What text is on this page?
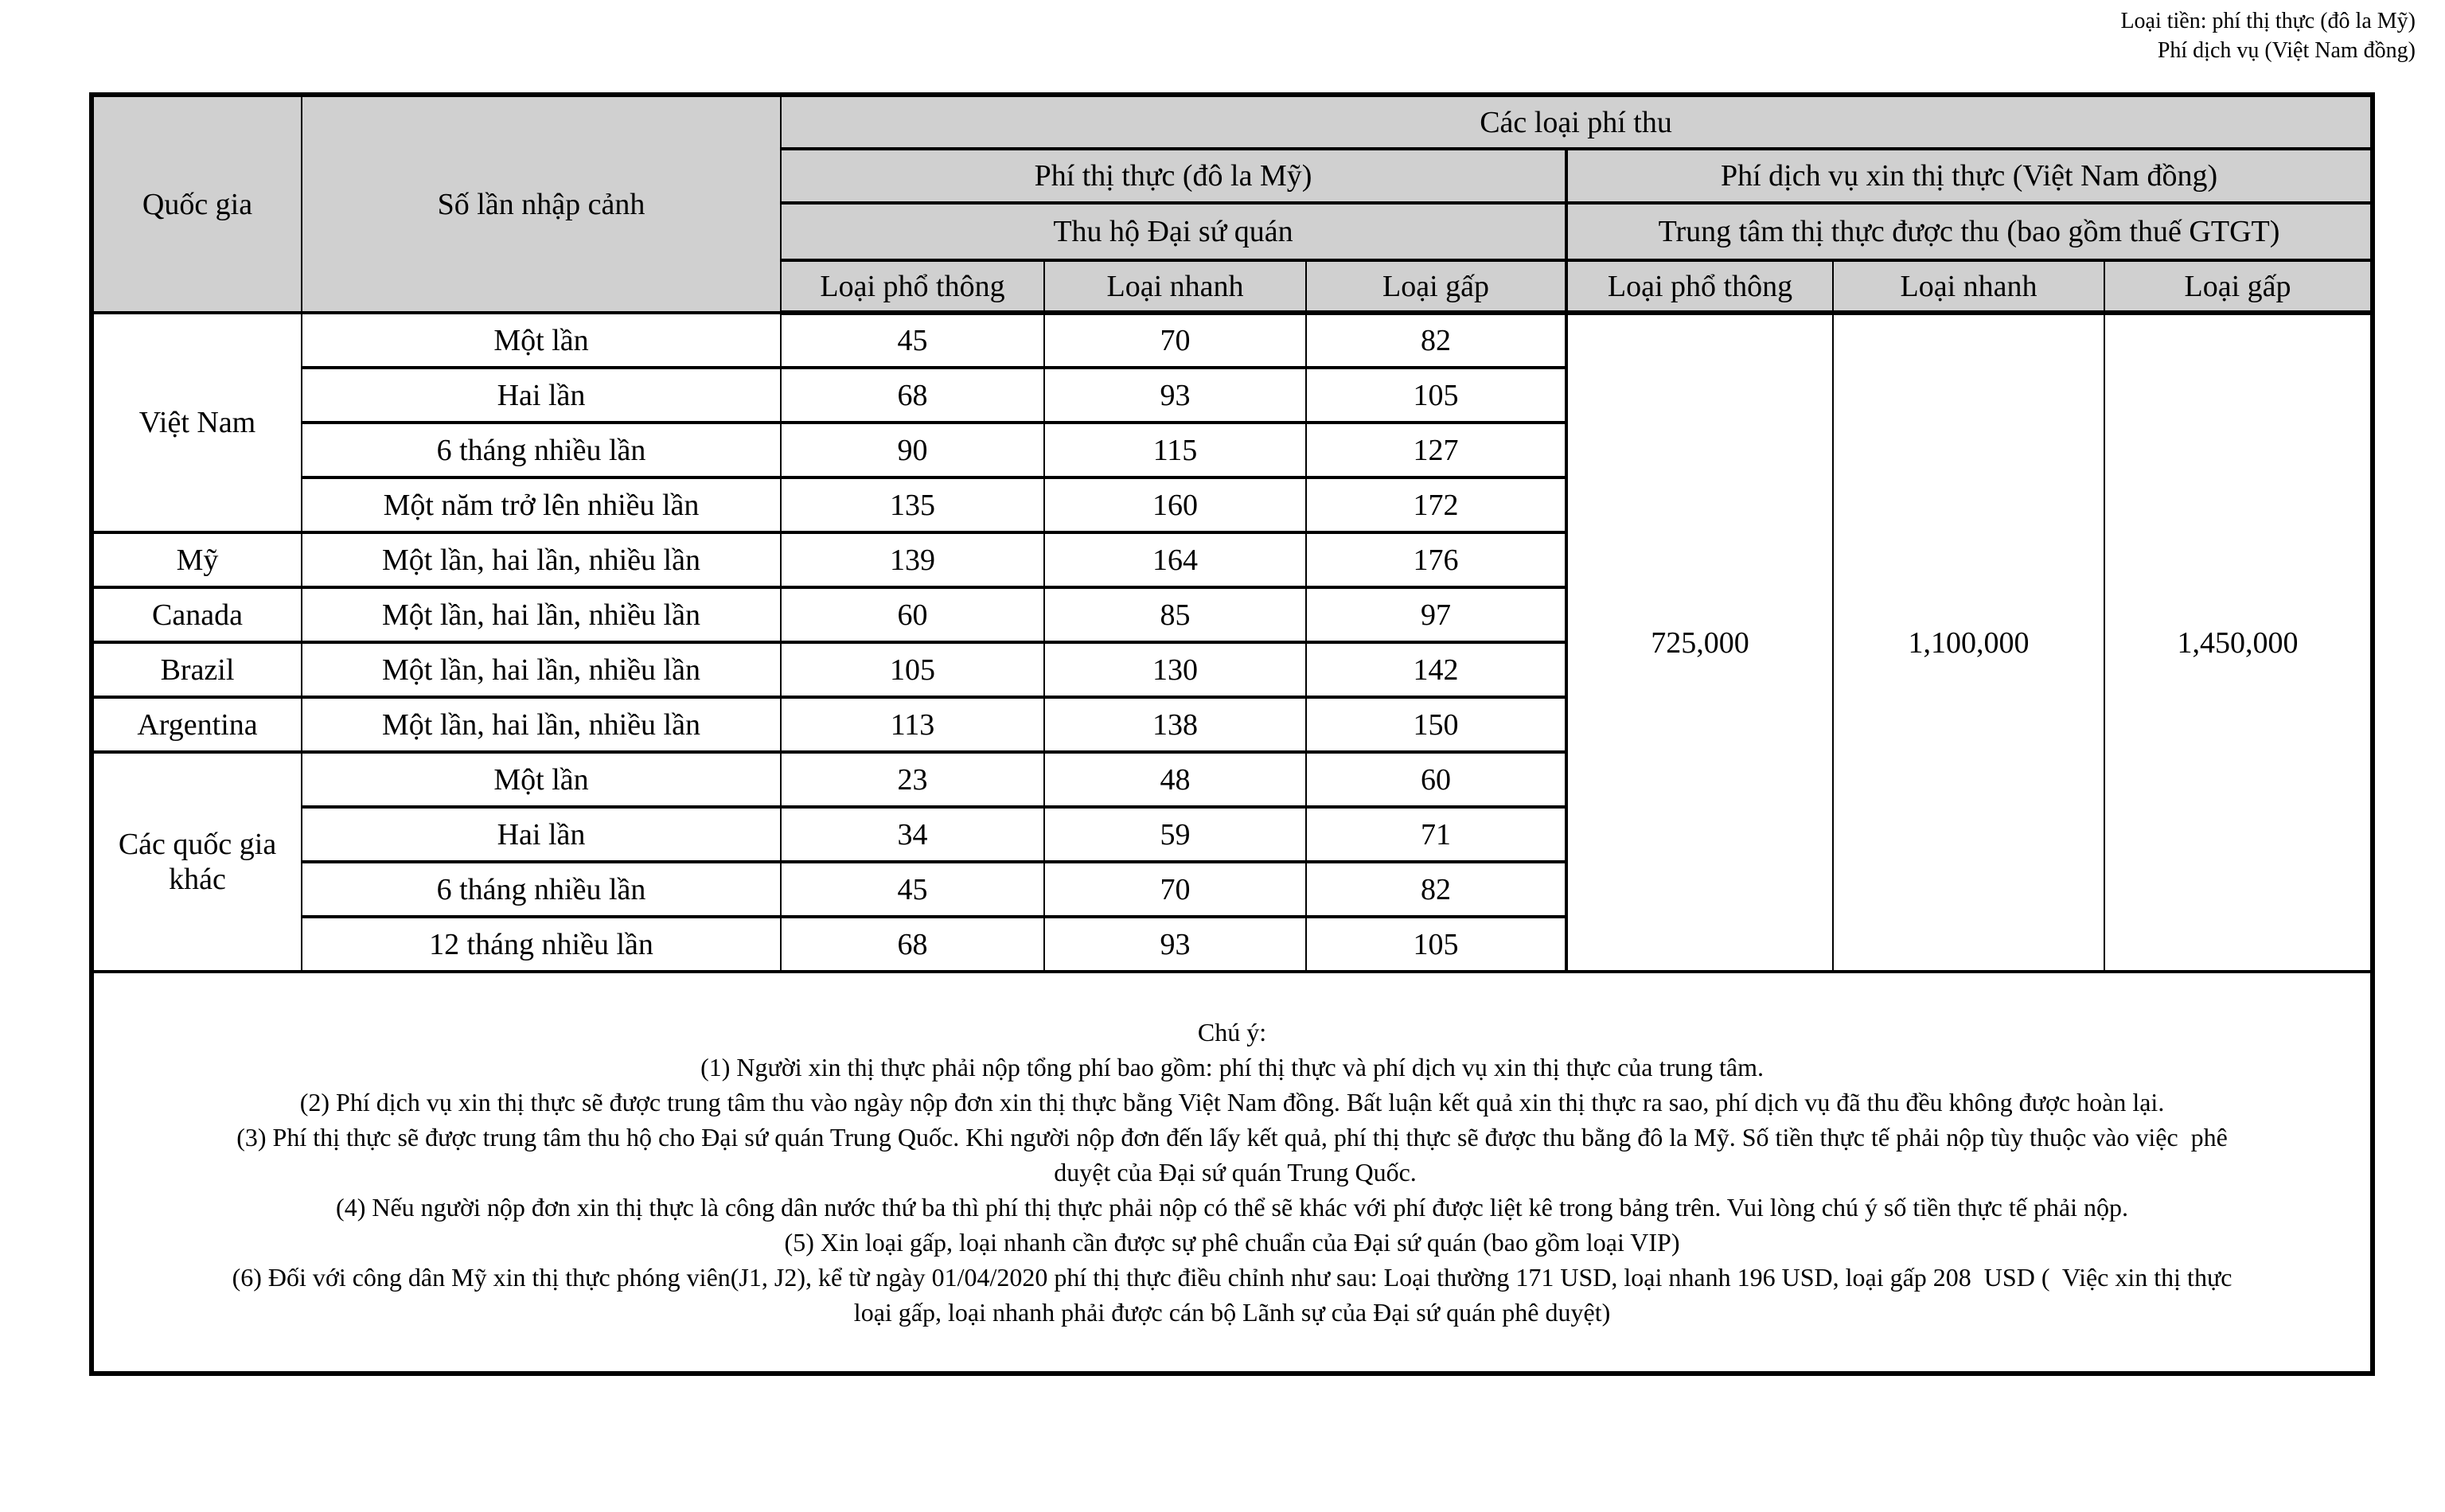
Loại tiền: phí thị thực (đô la Mỹ)
Phí dịch vụ (Việt Nam đồng)
Quốc gia	Số lần nhập cảnh	Các loại phí thu					
		Phí thị thực (đô la Mỹ)			Phí dịch vụ xin thị thực (Việt Nam đồng)		
		Thu hộ Đại sứ quán			Trung tâm thị thực được thu (bao gồm thuế GTGT)		
		Loại phổ thông	Loại nhanh	Loại gấp	Loại phổ thông	Loại nhanh	Loại gấp
Việt Nam	Một lần	45	70	82	725,000	1,100,000	1,450,000
	Hai lần	68	93	105			
	6 tháng nhiều lần	90	115	127			
	Một năm trở lên nhiều lần	135	160	172			
Mỹ	Một lần, hai lần, nhiều lần	139	164	176			
Canada	Một lần, hai lần, nhiều lần	60	85	97			
Brazil	Một lần, hai lần, nhiều lần	105	130	142			
Argentina	Một lần, hai lần, nhiều lần	113	138	150			
Các quốc gia khác	Một lần	23	48	60			
	Hai lần	34	59	71			
	6 tháng nhiều lần	45	70	82			
	12 tháng nhiều lần	68	93	105			

Chú ý:
(1) Người xin thị thực phải nộp tổng phí bao gồm: phí thị thực và phí dịch vụ xin thị thực của trung tâm.
(2) Phí dịch vụ xin thị thực sẽ được trung tâm thu vào ngày nộp đơn xin thị thực bằng Việt Nam đồng. Bất luận kết quả xin thị thực ra sao, phí dịch vụ đã thu đều không được hoàn lại.
(3) Phí thị thực sẽ được trung tâm thu hộ cho Đại sứ quán Trung Quốc. Khi người nộp đơn đến lấy kết quả, phí thị thực sẽ được thu bằng đô la Mỹ. Số tiền thực tế phải nộp tùy thuộc vào việc  phê
duyệt của Đại sứ quán Trung Quốc.
(4) Nếu người nộp đơn xin thị thực là công dân nước thứ ba thì phí thị thực phải nộp có thể sẽ khác với phí được liệt kê trong bảng trên. Vui lòng chú ý số tiền thực tế phải nộp.
(5) Xin loại gấp, loại nhanh cần được sự phê chuẩn của Đại sứ quán (bao gồm loại VIP)
(6) Đối với công dân Mỹ xin thị thực phóng viên(J1, J2), kể từ ngày 01/04/2020 phí thị thực điều chỉnh như sau: Loại thường 171 USD, loại nhanh 196 USD, loại gấp 208  USD (  Việc xin thị thực
loại gấp, loại nhanh phải được cán bộ Lãnh sự của Đại sứ quán phê duyệt)
